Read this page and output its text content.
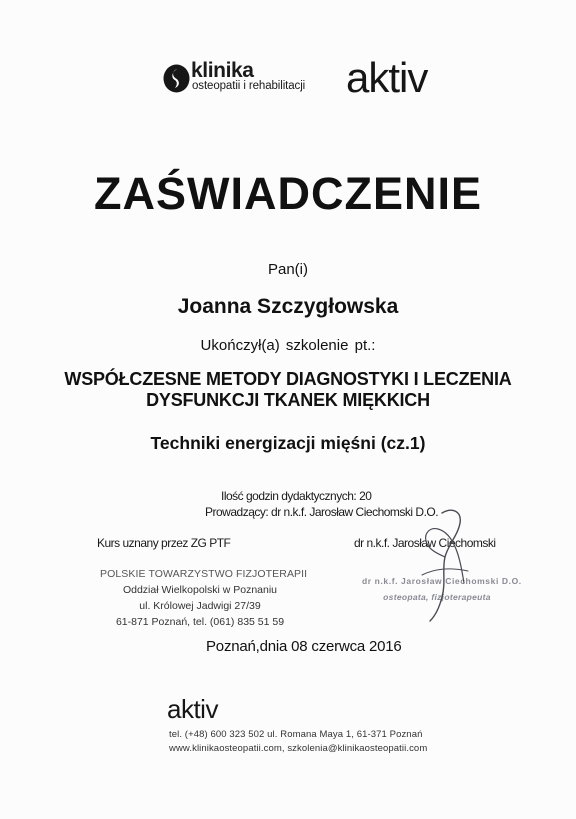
klinika
osteopatii i rehabilitacji aktiv
ZAŚWIADCZENIE
Pan(i)
Joanna Szczygłowska
Ukończył(a) szkolenie pt.:
WSPÓŁCZESNE METODY DIAGNOSTYKI I LECZENIA
DYSFUNKCJI TKANEK MIĘKKICH
Techniki energizacji mięśni (cz.1)
Ilość godzin dydaktycznych: 20
Prowadzący: dr n.k.f. Jarosław Ciechomski D.O.
Kurs uznany przez ZG PTF	dr n.k.f. Jarosław Ciechomski
POLSKIE TOWARZYSTWO FIZJOTERAPII
Oddział Wielkopolski w Poznaniu
ul. Królowej Jadwigi 27/39
61-871 Poznań, tel. (061) 835 51 59
dr n.k.f. Jarosław Ciechomski D.O.
osteopata, fizjoterapeuta
Poznań,dnia 08 czerwca 2016
aktiv
tel. (+48) 600 323 502 ul. Romana Maya 1, 61-371 Poznań
www.klinikaosteopatii.com, szkolenia@klinikaosteopatii.com
